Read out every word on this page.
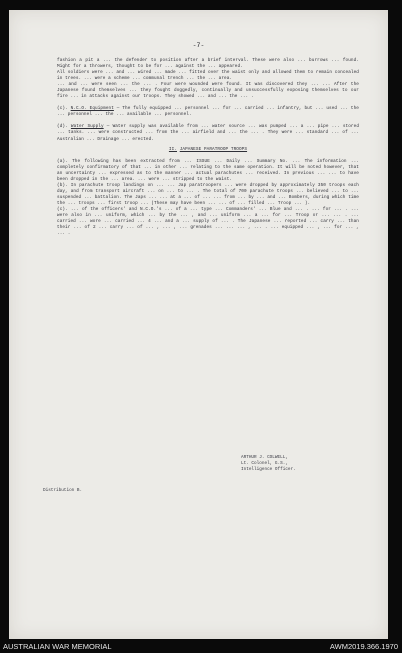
-7-

fashion a pit a ... the defender to position after a brief interval. These were also ... burrows ... found. Might for a throwers, thought to be for ... against the ... appeared.

All soldiers were ... and ... wired ... made ... fitted over the waist only and allowed them to remain concealed in trees. ... were a scheme ... communal trench ... the ... area.

... and ... were seen ... the ... . Four were wounded were found. It was discovered they ... ... After the Japanese found themselves ... they fought doggedly, continually and unsuccessfully exposing themselves to our fire ... in attacks against our troops. They showed ... and ... the ... .

(c). N.C.O. Equipment — The fully equipped ... personnel ... for ... carried ... infantry, but ... used ... the ... personnel ... the ... available ... personnel.

(d). Water Supply — Water supply was available from ... water source ... was pumped ... a ... pipe ... stored ... tanks. ... were constructed ... from the ... airfield and ... the ... . They were ... standard ... of ... Australian ... Drainage ... erected.

II. JAPANESE PARATROOP TROOPS

(a). The following has been extracted from ... ISSUE ... Daily ... Summary No. ... The information ... completely confirmatory of that ... in other ... relating to the same operation. It will be noted however, that an uncertainty ... expressed as to the manner ... actual parachutes ... received. In previous ... ... to have been dropped in the ... area. ... were ... stripped to the waist.

(b). In parachute troop landings on ... ... Jap paratroopers ... were dropped by approximately 350 troops each day, and from transport aircraft ... on ... to ... . The total of 700 parachute troops ... believed ... to ... suspended ... battalion. The Japs ... ... at a ... of ... ... from ... by ... and ... Bombers, during which time the ... troops ... first troop ... (These may have been ... ... of ... filled ... Troop ... ).

(c). ... of the officers' and N.C.O.'s ... of a ... type ... Commanders' ... Blue and ... . ... for ... . ... were also in ... uniform, which ... by the ... , and ... uniform ... a ... for ... Troop or ... ... . ... carried ... wore ... carried ... 4 ... and a ... supply of ... . The Japanese ... reported ... carry ... than their ... of 2 ... carry ... of ... , ... , ... grenades ... ... ... , ... . ... equipped ... , ... for ... , ... .

ARTHUR J. COLWELL,
Lt. Colonel, G.S.,
Intelligence Officer.
Distribution B.
AUSTRALIAN WAR MEMORIAL	AWM2019.366.1970
